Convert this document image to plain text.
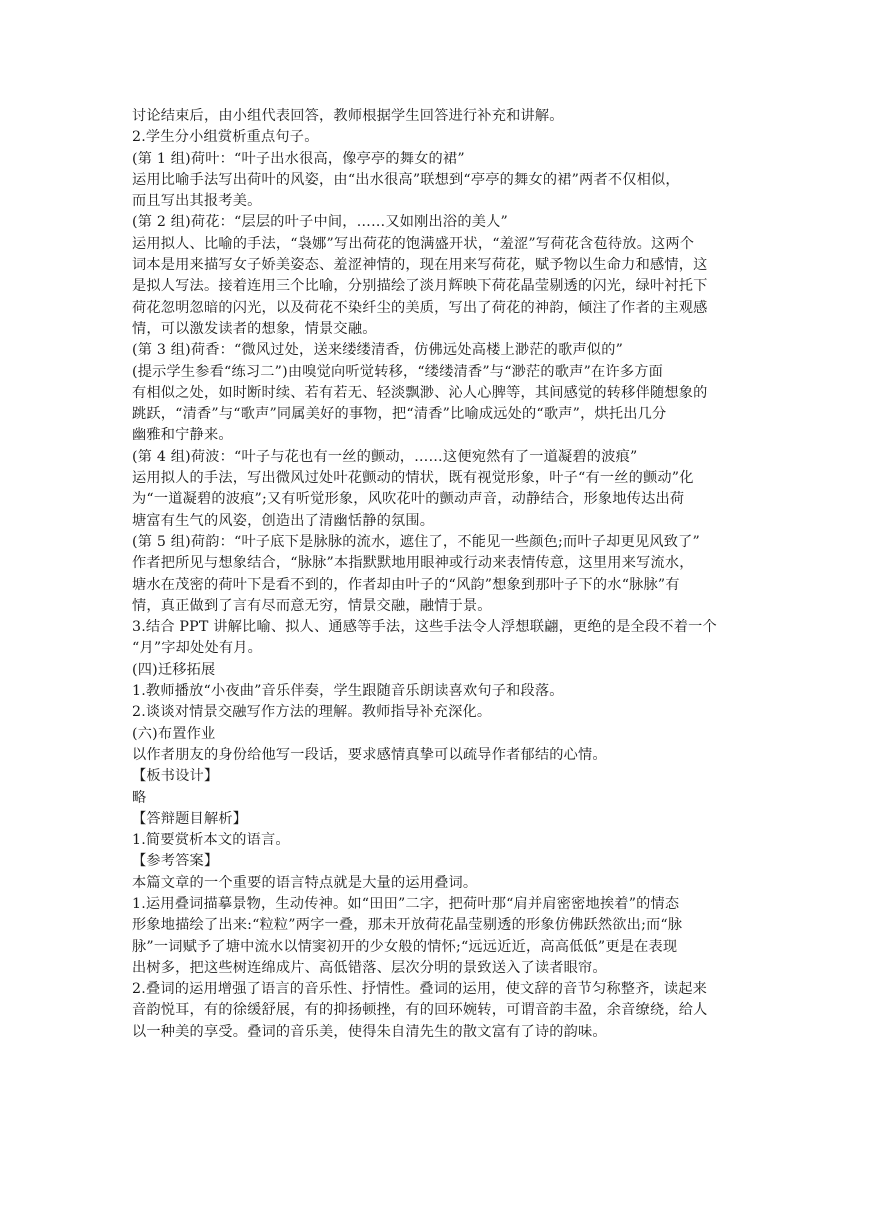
讨论结束后，由小组代表回答，教师根据学生回答进行补充和讲解。
2.学生分小组赏析重点句子。
(第 1 组)荷叶：“叶子出水很高，像亭亭的舞女的裙”
运用比喻手法写出荷叶的风姿，由“出水很高”联想到“亭亭的舞女的裙”两者不仅相似，
而且写出其报考美。
(第 2 组)荷花：“层层的叶子中间，……又如刚出浴的美人”
运用拟人、比喻的手法，“袅娜”写出荷花的饱满盛开状，“羞涩”写荷花含苞待放。这两个
词本是用来描写女子娇美姿态、羞涩神情的，现在用来写荷花，赋予物以生命力和感情，这
是拟人写法。接着连用三个比喻，分别描绘了淡月辉映下荷花晶莹剔透的闪光，绿叶衬托下
荷花忽明忽暗的闪光，以及荷花不染纤尘的美质，写出了荷花的神韵，倾注了作者的主观感
情，可以激发读者的想象，情景交融。
(第 3 组)荷香：“微风过处，送来缕缕清香，仿佛远处高楼上渺茫的歌声似的”
(提示学生参看“练习二”)由嗅觉向听觉转移，“缕缕清香”与“渺茫的歌声”在许多方面
有相似之处，如时断时续、若有若无、轻淡飘渺、沁人心脾等，其间感觉的转移伴随想象的
跳跃，“清香”与“歌声”同属美好的事物，把“清香”比喻成远处的“歌声”，烘托出几分
幽雅和宁静来。
(第 4 组)荷波：“叶子与花也有一丝的颤动，……这便宛然有了一道凝碧的波痕”
运用拟人的手法，写出微风过处叶花颤动的情状，既有视觉形象，叶子“有一丝的颤动”化
为“一道凝碧的波痕”;又有听觉形象，风吹花叶的颤动声音，动静结合，形象地传达出荷
塘富有生气的风姿，创造出了清幽恬静的氛围。
(第 5 组)荷韵：“叶子底下是脉脉的流水，遮住了，不能见一些颜色;而叶子却更见风致了”
作者把所见与想象结合，“脉脉”本指默默地用眼神或行动来表情传意，这里用来写流水，
塘水在茂密的荷叶下是看不到的，作者却由叶子的“风韵”想象到那叶子下的水“脉脉”有
情，真正做到了言有尽而意无穷，情景交融，融情于景。
3.结合 PPT 讲解比喻、拟人、通感等手法，这些手法令人浮想联翩，更绝的是全段不着一个
“月”字却处处有月。
(四)迁移拓展
1.教师播放“小夜曲”音乐伴奏，学生跟随音乐朗读喜欢句子和段落。
2.谈谈对情景交融写作方法的理解。教师指导补充深化。
(六)布置作业
以作者朋友的身份给他写一段话，要求感情真挚可以疏导作者郁结的心情。
【板书设计】
略
【答辩题目解析】
1.简要赏析本文的语言。
【参考答案】
本篇文章的一个重要的语言特点就是大量的运用叠词。
1.运用叠词描摹景物，生动传神。如“田田”二字，把荷叶那“肩并肩密密地挨着”的情态
形象地描绘了出来:“粒粒”两字一叠，那未开放荷花晶莹剔透的形象仿佛跃然欲出;而“脉
脉”一词赋予了塘中流水以情窦初开的少女般的情怀;“远远近近，高高低低”更是在表现
出树多，把这些树连绵成片、高低错落、层次分明的景致送入了读者眼帘。
2.叠词的运用增强了语言的音乐性、抒情性。叠词的运用，使文辞的音节匀称整齐，读起来
音韵悦耳，有的徐缓舒展，有的抑扬顿挫，有的回环婉转，可谓音韵丰盈，余音缭绕，给人
以一种美的享受。叠词的音乐美，使得朱自清先生的散文富有了诗的韵味。
